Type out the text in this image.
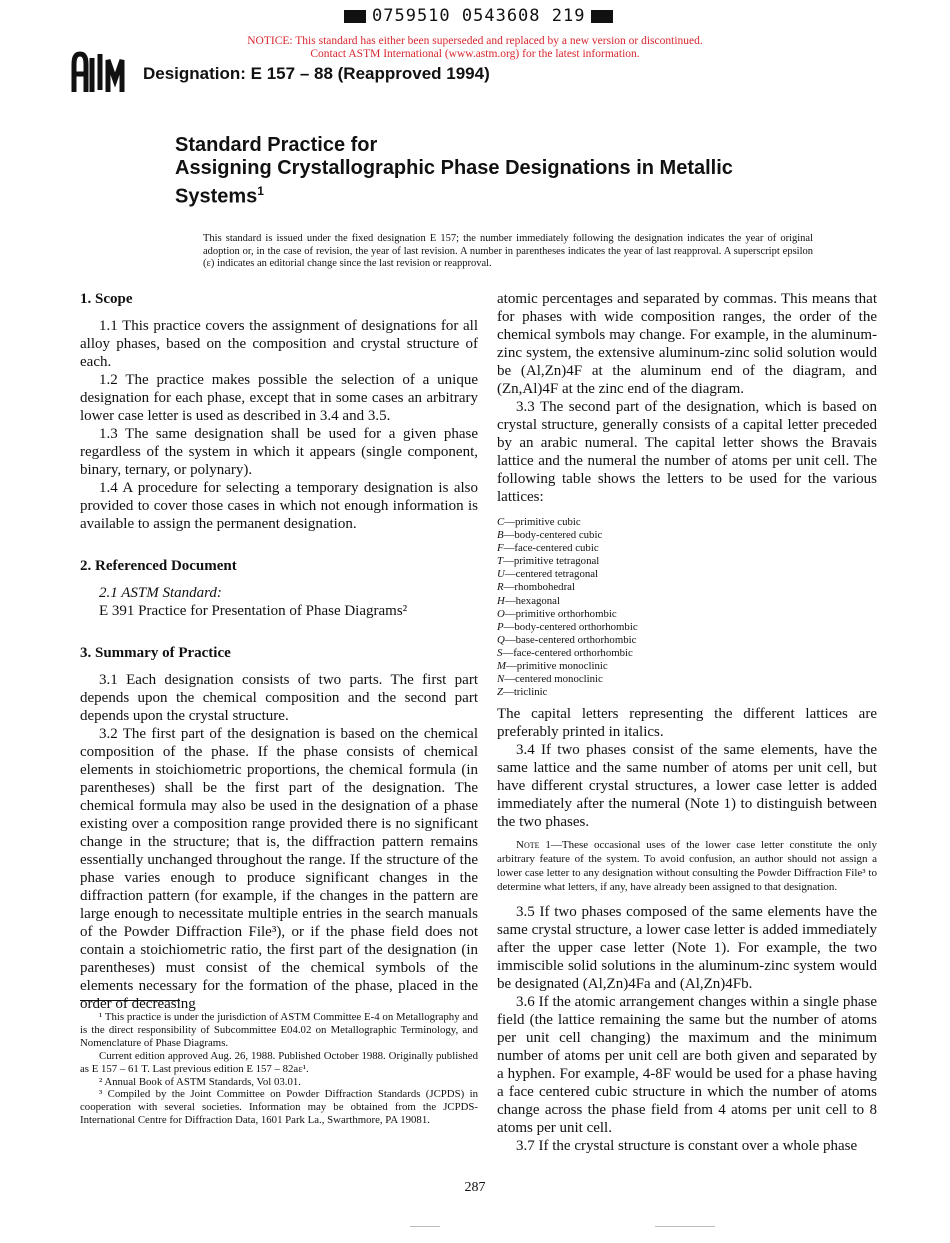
0759510 0543608 219
NOTICE: This standard has either been superseded and replaced by a new version or discontinued.
Contact ASTM International (www.astm.org) for the latest information.
Designation: E 157 – 88 (Reapproved 1994)
Standard Practice for
Assigning Crystallographic Phase Designations in Metallic Systems$^1$
This standard is issued under the fixed designation E 157; the number immediately following the designation indicates the year of original adoption or, in the case of revision, the year of last revision. A number in parentheses indicates the year of last reapproval. A superscript epsilon (ε) indicates an editorial change since the last revision or reapproval.
1. Scope

1.1 This practice covers the assignment of designations for all alloy phases, based on the composition and crystal structure of each.

1.2 The practice makes possible the selection of a unique designation for each phase, except that in some cases an arbitrary lower case letter is used as described in 3.4 and 3.5.

1.3 The same designation shall be used for a given phase regardless of the system in which it appears (single component, binary, ternary, or polynary).

1.4 A procedure for selecting a temporary designation is also provided to cover those cases in which not enough information is available to assign the permanent designation.

2. Referenced Document

2.1 ASTM Standard:

E 391 Practice for Presentation of Phase Diagrams²

3. Summary of Practice

3.1 Each designation consists of two parts. The first part depends upon the chemical composition and the second part depends upon the crystal structure.

3.2 The first part of the designation is based on the chemical composition of the phase. If the phase consists of chemical elements in stoichiometric proportions, the chemical formula (in parentheses) shall be the first part of the designation. The chemical formula may also be used in the designation of a phase existing over a composition range provided there is no significant change in the structure; that is, the diffraction pattern remains essentially unchanged throughout the range. If the structure of the phase varies enough to produce significant changes in the diffraction pattern (for example, if the changes in the pattern are large enough to necessitate multiple entries in the search manuals of the Powder Diffraction File³), or if the phase field does not contain a stoichiometric ratio, the first part of the designation (in parentheses) must consist of the chemical symbols of the elements necessary for the formation of the phase, placed in the order of decreasing

atomic percentages and separated by commas. This means that for phases with wide composition ranges, the order of the chemical symbols may change. For example, in the aluminum-zinc system, the extensive aluminum-zinc solid solution would be (Al,Zn)4F at the aluminum end of the diagram, and (Zn,Al)4F at the zinc end of the diagram.

3.3 The second part of the designation, which is based on crystal structure, generally consists of a capital letter preceded by an arabic numeral. The capital letter shows the Bravais lattice and the numeral the number of atoms per unit cell. The following table shows the letters to be used for the various lattices:

C—primitive cubic
B—body-centered cubic
F—face-centered cubic
T—primitive tetragonal
U—centered tetragonal
R—rhombohedral
H—hexagonal
O—primitive orthorhombic
P—body-centered orthorhombic
Q—base-centered orthorhombic
S—face-centered orthorhombic
M—primitive monoclinic
N—centered monoclinic
Z—triclinic

The capital letters representing the different lattices are preferably printed in italics.

3.4 If two phases consist of the same elements, have the same lattice and the same number of atoms per unit cell, but have different crystal structures, a lower case letter is added immediately after the numeral (Note 1) to distinguish between the two phases.

Note 1—These occasional uses of the lower case letter constitute the only arbitrary feature of the system. To avoid confusion, an author should not assign a lower case letter to any designation without consulting the Powder Diffraction File³ to determine what letters, if any, have already been assigned to that designation.

3.5 If two phases composed of the same elements have the same crystal structure, a lower case letter is added immediately after the upper case letter (Note 1). For example, the two immiscible solid solutions in the aluminum-zinc system would be designated (Al,Zn)4Fa and (Al,Zn)4Fb.

3.6 If the atomic arrangement changes within a single phase field (the lattice remaining the same but the number of atoms per unit cell changing) the maximum and the minimum number of atoms per unit cell are both given and separated by a hyphen. For example, 4-8F would be used for a phase having a face centered cubic structure in which the number of atoms change across the phase field from 4 atoms per unit cell to 8 atoms per unit cell.

3.7 If the crystal structure is constant over a whole phase

¹ This practice is under the jurisdiction of ASTM Committee E-4 on Metallography and is the direct responsibility of Subcommittee E04.02 on Metallographic Terminology, and Nomenclature of Phase Diagrams.

Current edition approved Aug. 26, 1988. Published October 1988. Originally published as E 157 – 61 T. Last previous edition E 157 – 82aε¹.

² Annual Book of ASTM Standards, Vol 03.01.

³ Compiled by the Joint Committee on Powder Diffraction Standards (JCPDS) in cooperation with several societies. Information may be obtained from the JCPDS-International Centre for Diffraction Data, 1601 Park La., Swarthmore, PA 19081.

287
